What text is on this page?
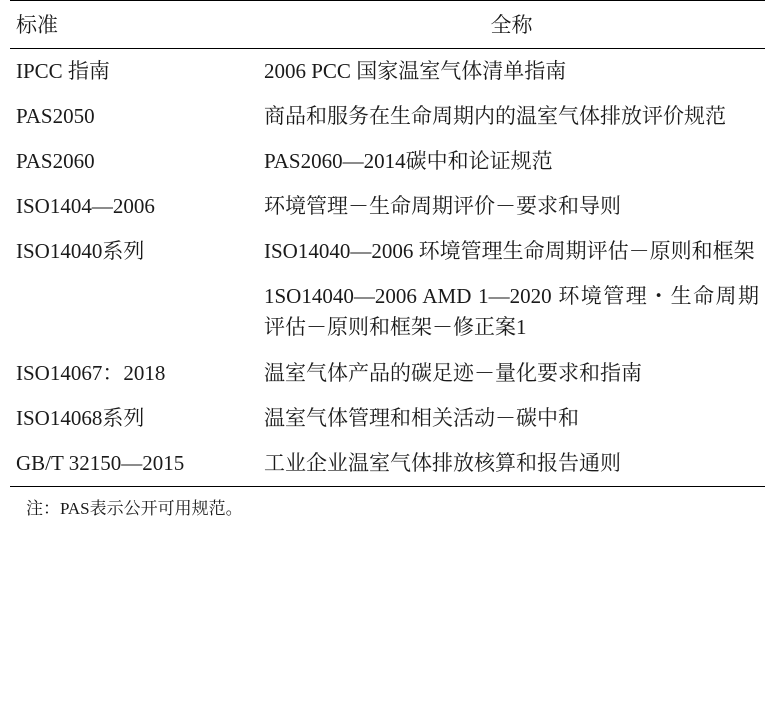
标准	全称
IPCC 指南	2006 PCC 国家温室气体清单指南
PAS2050	商品和服务在生命周期内的温室气体排放评价规范
PAS2060	PAS2060—2014碳中和论证规范
ISO1404—2006	环境管理－生命周期评价－要求和导则
ISO14040系列	ISO14040—2006 环境管理生命周期评估－原则和框架
	1SO14040—2006 AMD 1—2020 环境管理・生命周期评估－原则和框架－修正案1
ISO14067：2018	温室气体产品的碳足迹－量化要求和指南
ISO14068系列	温室气体管理和相关活动－碳中和
GB/T 32150—2015	工业企业温室气体排放核算和报告通则
注：PAS表示公开可用规范。
